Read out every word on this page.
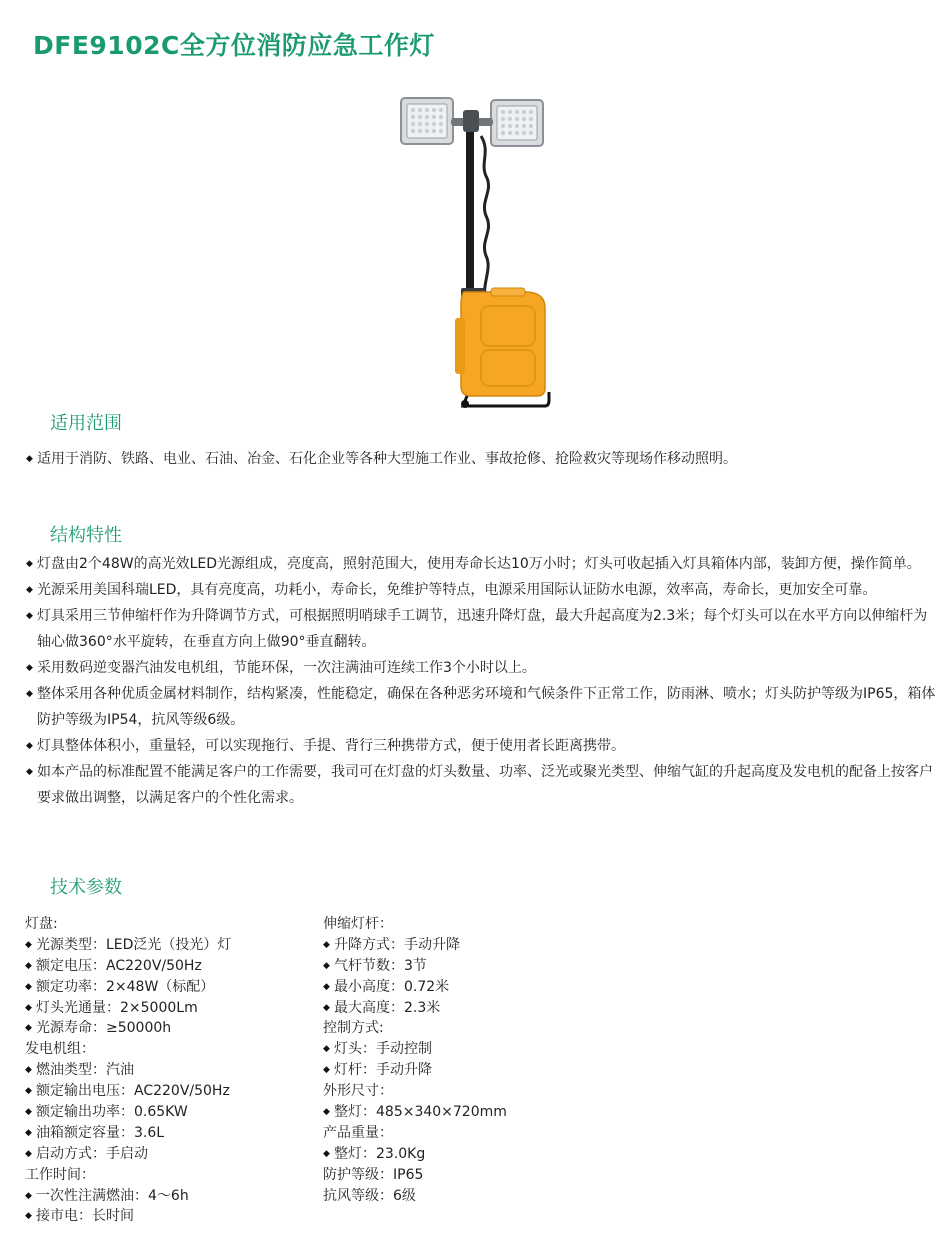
DFE9102C全方位消防应急工作灯
适用范围
◆ 适用于消防、铁路、电业、石油、冶金、石化企业等各种大型施工作业、事故抢修、抢险救灾等现场作移动照明。
结构特性
◆ 灯盘由2个48W的高光效LED光源组成，亮度高，照射范围大，使用寿命长达10万小时；灯头可收起插入灯具箱体内部，装卸方便，操作简单。
◆ 光源采用美国科瑞LED，具有亮度高，功耗小，寿命长，免维护等特点，电源采用国际认证防水电源，效率高，寿命长，更加安全可靠。
◆ 灯具采用三节伸缩杆作为升降调节方式，可根据照明哨球手工调节，迅速升降灯盘，最大升起高度为2.3米；每个灯头可以在水平方向以伸缩杆为轴心做360°水平旋转，在垂直方向上做90°垂直翻转。
◆ 采用数码逆变器汽油发电机组，节能环保，一次注满油可连续工作3个小时以上。
◆ 整体采用各种优质金属材料制作，结构紧凑，性能稳定，确保在各种恶劣环境和气候条件下正常工作，防雨淋、喷水；灯头防护等级为IP65，箱体防护等级为IP54，抗风等级6级。
◆ 灯具整体体积小，重量轻，可以实现拖行、手提、背行三种携带方式，便于使用者长距离携带。
◆ 如本产品的标准配置不能满足客户的工作需要，我司可在灯盘的灯头数量、功率、泛光或聚光类型、伸缩气缸的升起高度及发电机的配备上按客户要求做出调整，以满足客户的个性化需求。
技术参数
灯盘:
◆ 光源类型：LED泛光（投光）灯
◆ 额定电压：AC220V/50Hz
◆ 额定功率：2×48W（标配）
◆ 灯头光通量：2×5000Lm
◆ 光源寿命：≥50000h
发电机组：
◆ 燃油类型：汽油
◆ 额定输出电压：AC220V/50Hz
◆ 额定输出功率：0.65KW
◆ 油箱额定容量：3.6L
◆ 启动方式：手启动
工作时间：
◆ 一次性注满燃油：4～6h
◆ 接市电：长时间
伸缩灯杆：
◆ 升降方式：手动升降
◆ 气杆节数：3节
◆ 最小高度：0.72米
◆ 最大高度：2.3米
控制方式:
◆ 灯头：手动控制
◆ 灯杆：手动升降
外形尺寸：
◆ 整灯：485×340×720mm
产品重量：
◆ 整灯：23.0Kg
防护等级：IP65
抗风等级：6级
